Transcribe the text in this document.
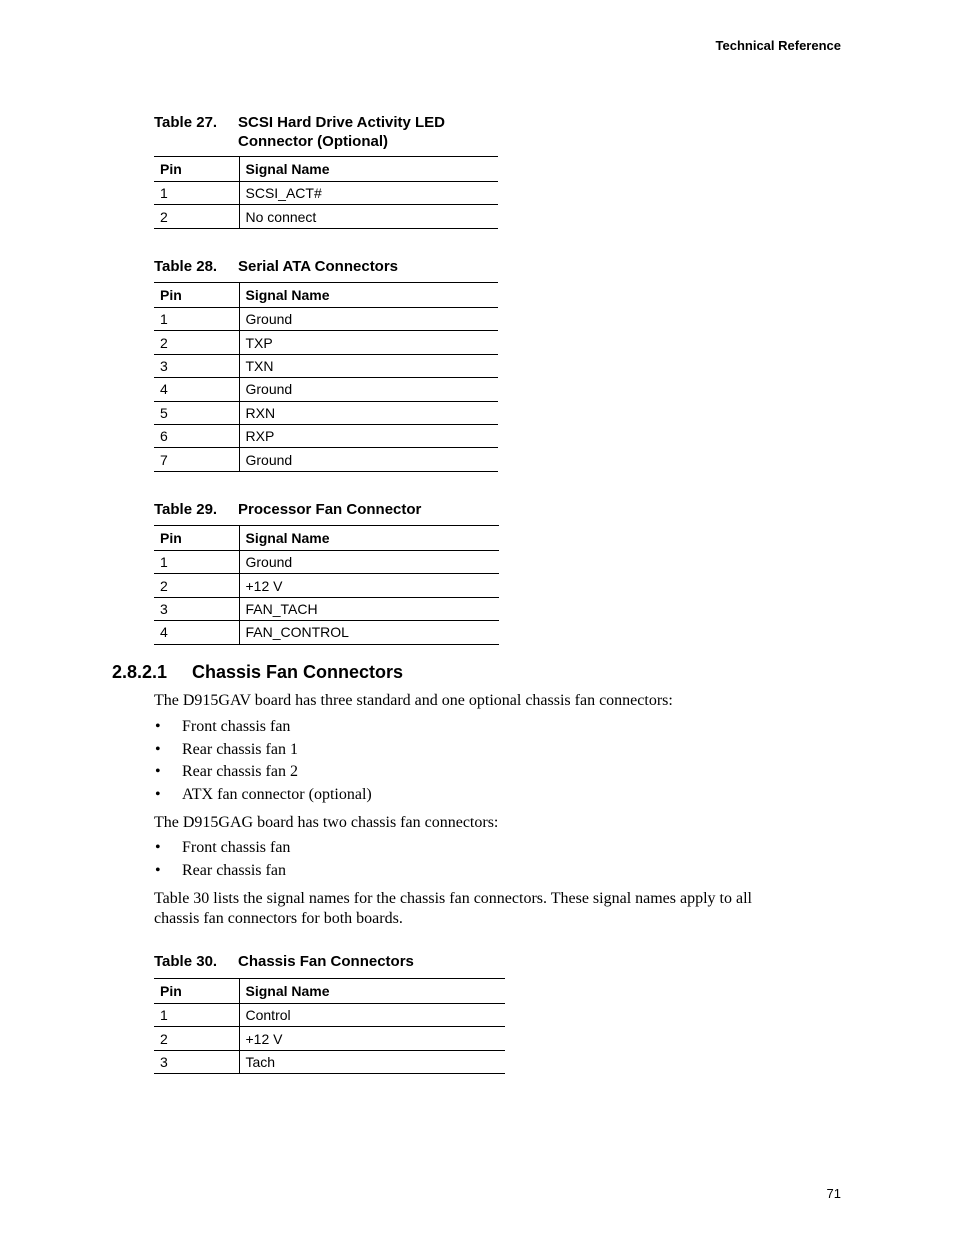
Technical Reference
Table 27.	SCSI Hard Drive Activity LED
Connector (Optional)
Pin	Signal Name
1	SCSI_ACT#
2	No connect
Table 28.	Serial ATA Connectors
Pin	Signal Name
1	Ground
2	TXP
3	TXN
4	Ground
5	RXN
6	RXP
7	Ground
Table 29.	Processor Fan Connector
Pin	Signal Name
1	Ground
2	+12 V
3	FAN_TACH
4	FAN_CONTROL
2.8.2.1	Chassis Fan Connectors
The D915GAV board has three standard and one optional chassis fan connectors:
•	Front chassis fan
•	Rear chassis fan 1
•	Rear chassis fan 2
•	ATX fan connector (optional)
The D915GAG board has two chassis fan connectors:
•	Front chassis fan
•	Rear chassis fan
Table 30 lists the signal names for the chassis fan connectors. These signal names apply to all
chassis fan connectors for both boards.
Table 30.	Chassis Fan Connectors
Pin	Signal Name
1	Control
2	+12 V
3	Tach
71
